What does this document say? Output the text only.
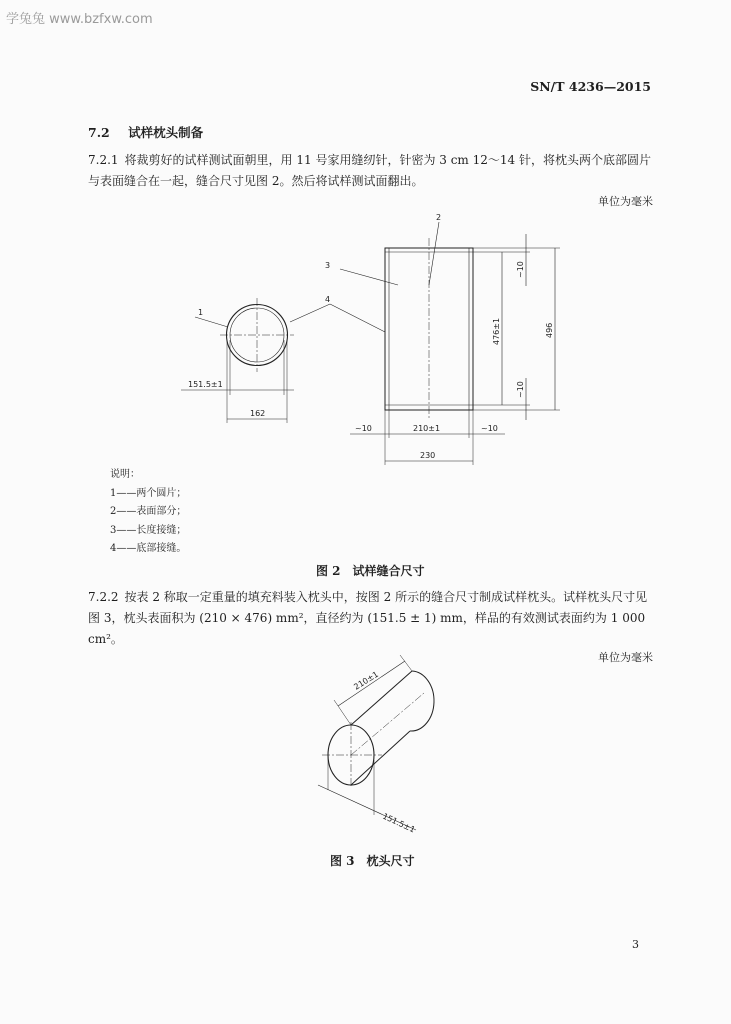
学兔兔 www.bzfxw.com
SN/T 4236—2015
7.2 试样枕头制备
7.2.1 将裁剪好的试样测试面朝里，用 11 号家用缝纫针，针密为 3 cm 12～14 针，将枕头两个底部圆片与表面缝合在一起，缝合尺寸见图 2。然后将试样测试面翻出。
单位为毫米
151.5±1
162
1
2
3
4
210±1
230
~10	~10
476±1	496
~10
~10
说明：
1——两个圆片；
2——表面部分；
3——长度接缝；
4——底部接缝。
图 2　试样缝合尺寸
7.2.2 按表 2 称取一定重量的填充料装入枕头中，按图 2 所示的缝合尺寸制成试样枕头。试样枕头尺寸见图 3，枕头表面积为 (210 × 476) mm²，直径约为 (151.5 ± 1) mm，样品的有效测试表面约为 1 000 cm²。
单位为毫米
210±1
151.5±1
图 3　枕头尺寸
3
